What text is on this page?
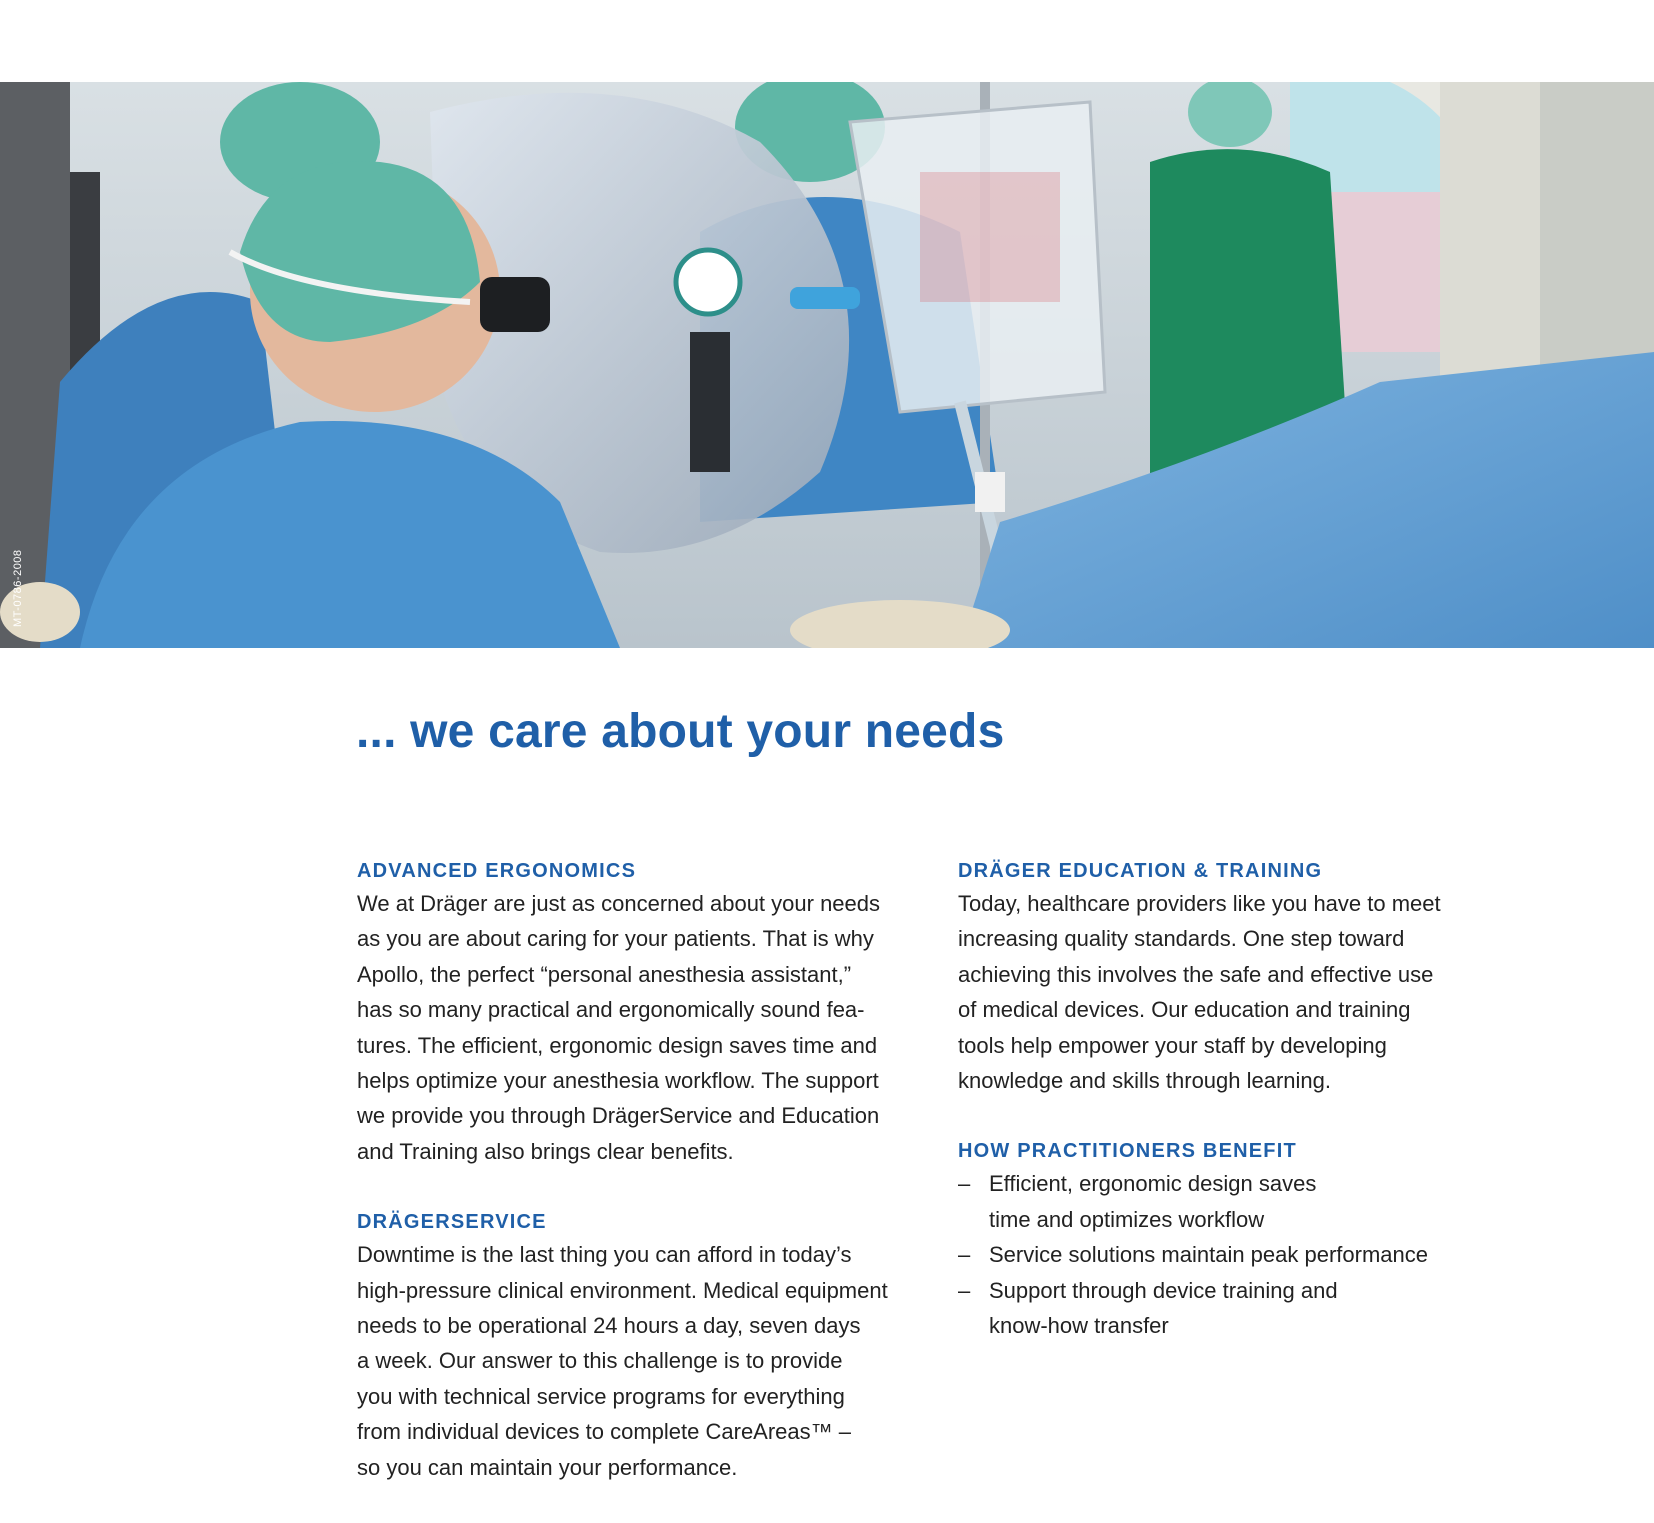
MT-0786-2008
... we care about your needs
ADVANCED ERGONOMICS

We at Dräger are just as concerned about your needs
as you are about caring for your patients. That is why
Apollo, the perfect “personal anesthesia assistant,”
has so many practical and ergonomically sound fea-
tures. The efficient, ergonomic design saves time and
helps optimize your anesthesia workflow. The support
we provide you through DrägerService and Education
and Training also brings clear benefits.

DRÄGERSERVICE

Downtime is the last thing you can afford in today’s
high-pressure clinical environment. Medical equipment
needs to be operational 24 hours a day, seven days
a week. Our answer to this challenge is to provide
you with technical service programs for everything
from individual devices to complete CareAreas™ –
so you can maintain your performance.

DRÄGER EDUCATION & TRAINING

Today, healthcare providers like you have to meet
increasing quality standards. One step toward
achieving this involves the safe and effective use
of medical devices. Our education and training
tools help empower your staff by developing
knowledge and skills through learning.

HOW PRACTITIONERS BENEFIT
– Efficient, ergonomic design saves
time and optimizes workflow
– Service solutions maintain peak performance
– Support through device training and
know-how transfer
